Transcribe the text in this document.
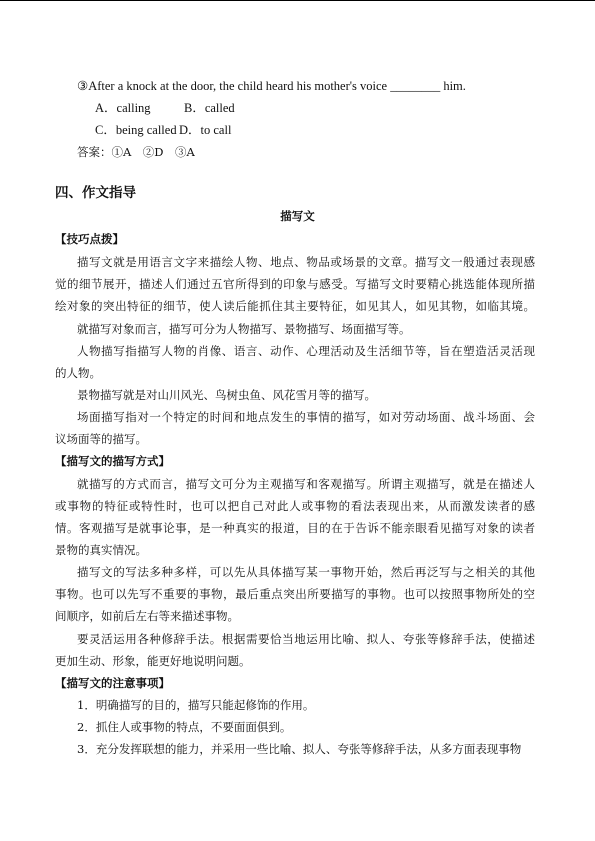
③After a knock at the door, the child heard his mother's voice ________ him.
A．calling	B．called
C．being called D．to call
答案：①A　②D　③A
四、作文指导
描写文
【技巧点拨】
描写文就是用语言文字来描绘人物、地点、物品或场景的文章。描写文一般通过表现感
觉的细节展开，描述人们通过五官所得到的印象与感受。写描写文时要精心挑选能体现所描
绘对象的突出特征的细节，使人读后能抓住其主要特征，如见其人，如见其物，如临其境。
就描写对象而言，描写可分为人物描写、景物描写、场面描写等。
人物描写指描写人物的肖像、语言、动作、心理活动及生活细节等，旨在塑造活灵活现
的人物。
景物描写就是对山川风光、鸟树虫鱼、风花雪月等的描写。
场面描写指对一个特定的时间和地点发生的事情的描写，如对劳动场面、战斗场面、会
议场面等的描写。
【描写文的描写方式】
就描写的方式而言，描写文可分为主观描写和客观描写。所谓主观描写，就是在描述人
或事物的特征或特性时，也可以把自己对此人或事物的看法表现出来，从而激发读者的感
情。客观描写是就事论事，是一种真实的报道，目的在于告诉不能亲眼看见描写对象的读者
景物的真实情况。
描写文的写法多种多样，可以先从具体描写某一事物开始，然后再泛写与之相关的其他
事物。也可以先写不重要的事物，最后重点突出所要描写的事物。也可以按照事物所处的空
间顺序，如前后左右等来描述事物。
要灵活运用各种修辞手法。根据需要恰当地运用比喻、拟人、夸张等修辞手法，使描述
更加生动、形象，能更好地说明问题。
【描写文的注意事项】
1．明确描写的目的，描写只能起修饰的作用。
2．抓住人或事物的特点，不要面面俱到。
3．充分发挥联想的能力，并采用一些比喻、拟人、夸张等修辞手法，从多方面表现事物
